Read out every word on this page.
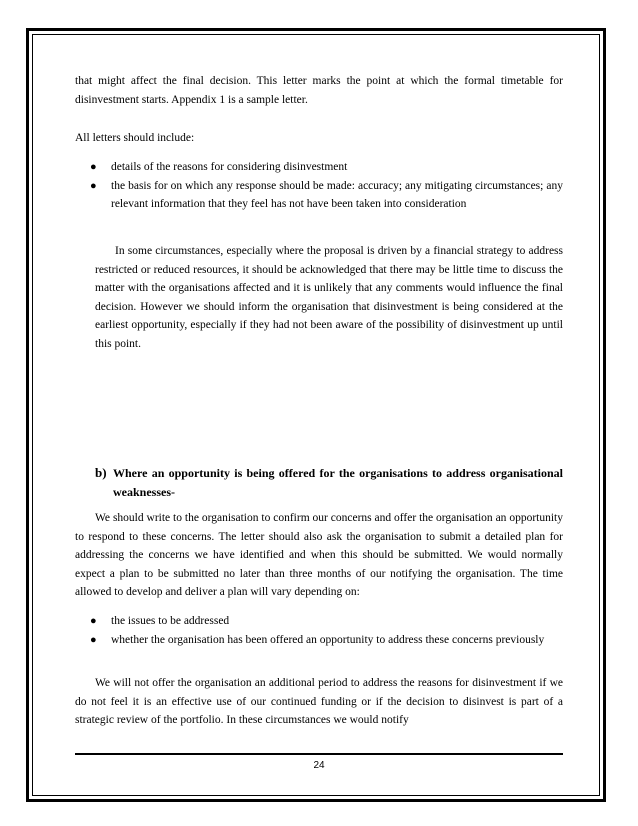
that might affect the final decision. This letter marks the point at which the formal timetable for disinvestment starts. Appendix 1 is a sample letter.

All letters should include:

● details of the reasons for considering disinvestment
● the basis for on which any response should be made: accuracy; any mitigating circumstances; any relevant information that they feel has not have been taken into consideration

In some circumstances, especially where the proposal is driven by a financial strategy to address restricted or reduced resources, it should be acknowledged that there may be little time to discuss the matter with the organisations affected and it is unlikely that any comments would influence the final decision. However we should inform the organisation that disinvestment is being considered at the earliest opportunity, especially if they had not been aware of the possibility of disinvestment up until this point.

b) Where an opportunity is being offered for the organisations to address organisational weaknesses-

We should write to the organisation to confirm our concerns and offer the organisation an opportunity to respond to these concerns. The letter should also ask the organisation to submit a detailed plan for addressing the concerns we have identified and when this should be submitted. We would normally expect a plan to be submitted no later than three months of our notifying the organisation. The time allowed to develop and deliver a plan will vary depending on:

● the issues to be addressed
● whether the organisation has been offered an opportunity to address these concerns previously

We will not offer the organisation an additional period to address the reasons for disinvestment if we do not feel it is an effective use of our continued funding or if the decision to disinvest is part of a strategic review of the portfolio. In these circumstances we would notify

24
